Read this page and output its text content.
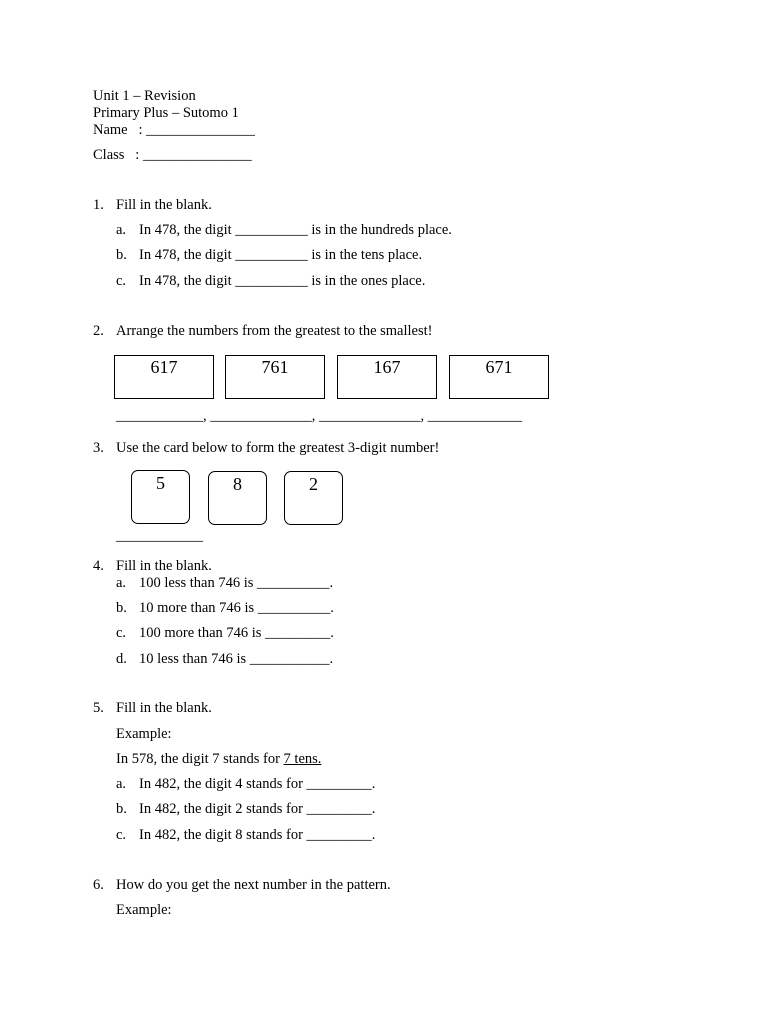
Unit 1 – Revision
Primary Plus – Sutomo 1
Name   : _______________
Class   : _______________
1. Fill in the blank.
a. In 478, the digit __________ is in the hundreds place.
b. In 478, the digit __________ is in the tens place.
c. In 478, the digit __________ is in the ones place.
2. Arrange the numbers from the greatest to the smallest!
617	761	167	671
____________, ______________, ______________, _____________
3. Use the card below to form the greatest 3-digit number!
5	8	2
____________
4. Fill in the blank.
a. 100 less than 746 is __________.
b. 10 more than 746 is __________.
c. 100 more than 746 is _________.
d. 10 less than 746 is ___________.
5. Fill in the blank.
Example:
In 578, the digit 7 stands for 7 tens.
a. In 482, the digit 4 stands for _________.
b. In 482, the digit 2 stands for _________.
c. In 482, the digit 8 stands for _________.
6. How do you get the next number in the pattern.
Example:
